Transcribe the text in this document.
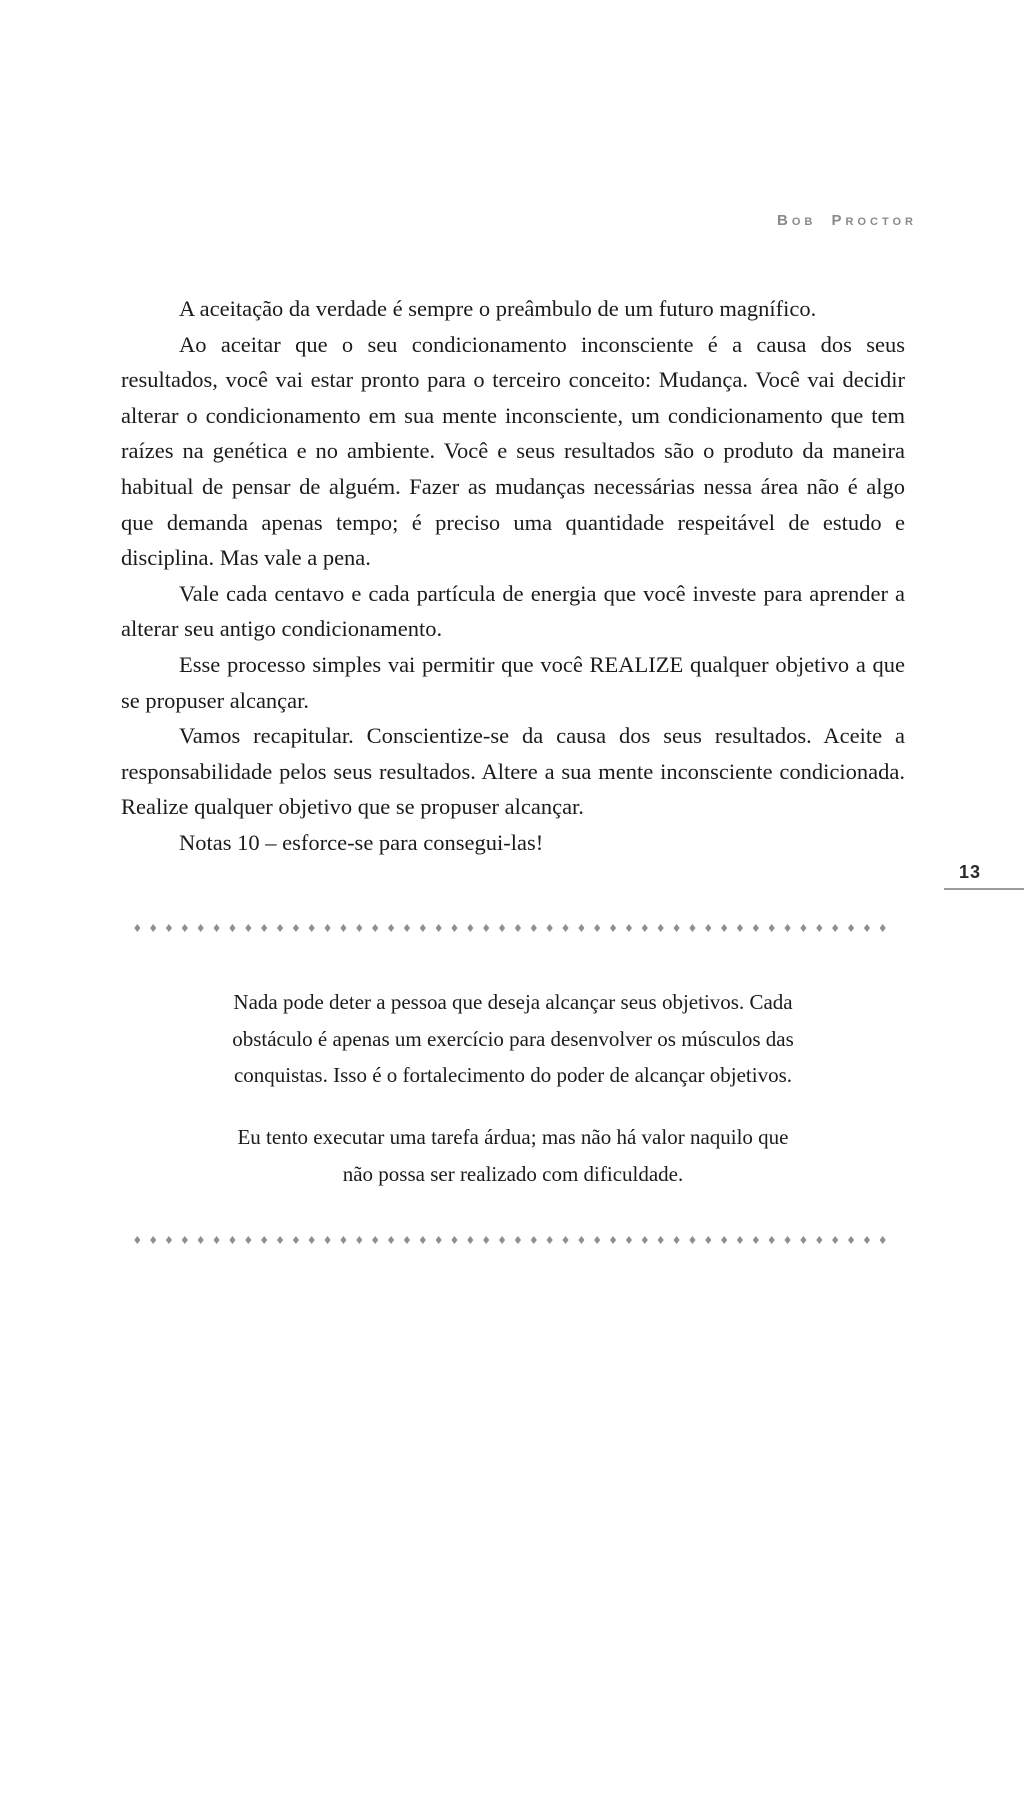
Bob Proctor

A aceitação da verdade é sempre o preâmbulo de um futuro magnífico.

Ao aceitar que o seu condicionamento inconsciente é a causa dos seus resultados, você vai estar pronto para o terceiro conceito: Mudança. Você vai decidir alterar o condicionamento em sua mente inconsciente, um condicionamento que tem raízes na genética e no ambiente. Você e seus resultados são o produto da maneira habitual de pensar de alguém. Fazer as mudanças necessárias nessa área não é algo que demanda apenas tempo; é preciso uma quantidade respeitável de estudo e disciplina. Mas vale a pena.

Vale cada centavo e cada partícula de energia que você investe para aprender a alterar seu antigo condicionamento.

Esse processo simples vai permitir que você REALIZE qualquer objetivo a que se propuser alcançar.

Vamos recapitular. Conscientize-se da causa dos seus resultados. Aceite a responsabilidade pelos seus resultados. Altere a sua mente inconsciente condicionada. Realize qualquer objetivo que se propuser alcançar.

Notas 10 – esforce-se para consegui-las!

13
♦♦♦♦♦♦♦♦♦♦♦♦♦♦♦♦♦♦♦♦♦♦♦♦♦♦♦♦♦♦♦♦♦♦♦♦♦♦♦♦♦♦♦♦♦♦♦♦
Nada pode deter a pessoa que deseja alcançar seus objetivos. Cada
obstáculo é apenas um exercício para desenvolver os músculos das
conquistas. Isso é o fortalecimento do poder de alcançar objetivos.
Eu tento executar uma tarefa árdua; mas não há valor naquilo que
não possa ser realizado com dificuldade.
♦♦♦♦♦♦♦♦♦♦♦♦♦♦♦♦♦♦♦♦♦♦♦♦♦♦♦♦♦♦♦♦♦♦♦♦♦♦♦♦♦♦♦♦♦♦♦♦
